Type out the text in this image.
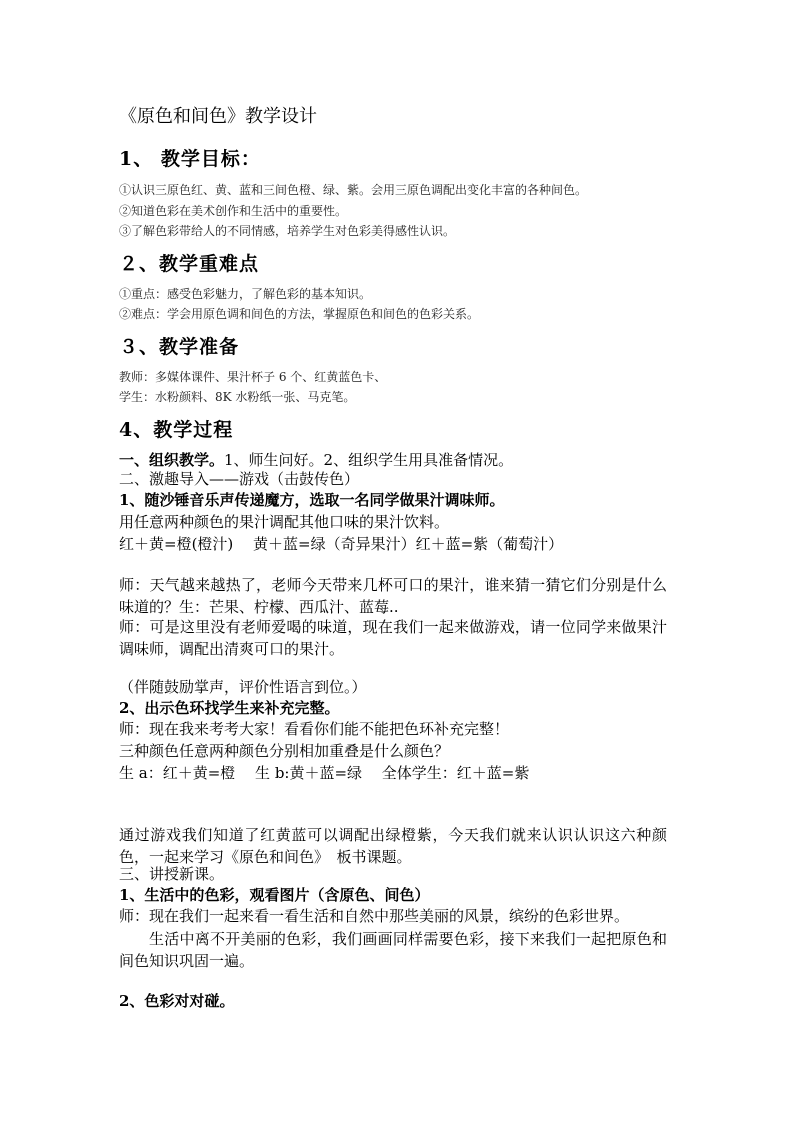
《原色和间色》教学设计
1、 教学目标：
①认识三原色红、黄、蓝和三间色橙、绿、紫。会用三原色调配出变化丰富的各种间色。
②知道色彩在美术创作和生活中的重要性。
③了解色彩带给人的不同情感，培养学生对色彩美得感性认识。
２、教学重难点
①重点：感受色彩魅力，了解色彩的基本知识。
②难点：学会用原色调和间色的方法，掌握原色和间色的色彩关系。
３、教学准备
教师：多媒体课件、果汁杯子 6 个、红黄蓝色卡、
学生：水粉颜料、8K 水粉纸一张、马克笔。
4、教学过程
一、组织教学。1、师生问好。2、组织学生用具准备情况。
二、激趣导入——游戏（击鼓传色）
1、随沙锤音乐声传递魔方，选取一名同学做果汁调味师。
用任意两种颜色的果汁调配其他口味的果汁饮料。
红＋黄=橙(橙汁)　 黄＋蓝=绿（奇异果汁）红＋蓝=紫（葡萄汁）
师：天气越来越热了，老师今天带来几杯可口的果汁，谁来猜一猜它们分别是什么味道的？生：芒果、柠檬、西瓜汁、蓝莓..
师：可是这里没有老师爱喝的味道，现在我们一起来做游戏，请一位同学来做果汁调味师，调配出清爽可口的果汁。
（伴随鼓励掌声，评价性语言到位。）
2、出示色环找学生来补充完整。
师：现在我来考考大家！看看你们能不能把色环补充完整！
三种颜色任意两种颜色分别相加重叠是什么颜色？
生 a：红＋黄=橙　 生 b:黄＋蓝=绿　 全体学生：红＋蓝=紫
通过游戏我们知道了红黄蓝可以调配出绿橙紫，今天我们就来认识认识这六种颜色，一起来学习《原色和间色》　板书课题。
三、讲授新课。
1、生活中的色彩，观看图片（含原色、间色）
师：现在我们一起来看一看生活和自然中那些美丽的风景，缤纷的色彩世界。
生活中离不开美丽的色彩，我们画画同样需要色彩，接下来我们一起把原色和间色知识巩固一遍。
2、色彩对对碰。
